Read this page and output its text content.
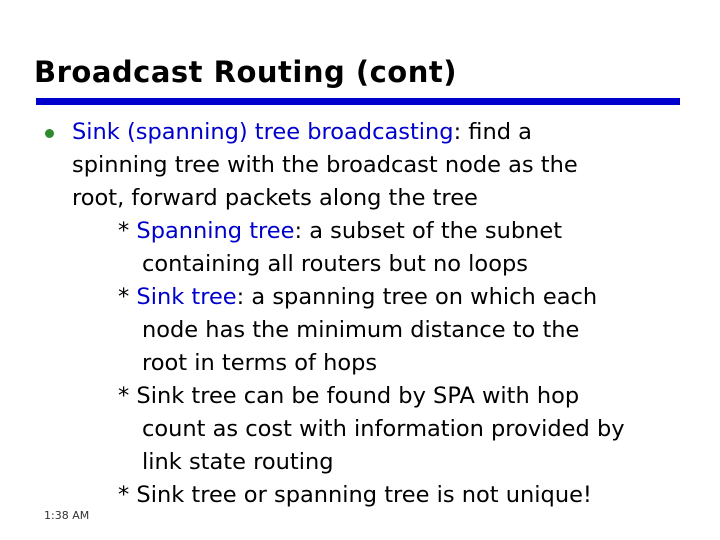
Broadcast Routing (cont)
Sink (spanning) tree broadcasting: find a
spinning tree with the broadcast node as the
root, forward packets along the tree
* Spanning tree: a subset of the subnet
containing all routers but no loops
* Sink tree: a spanning tree on which each
node has the minimum distance to the
root in terms of hops
* Sink tree can be found by SPA with hop
count as cost with information provided by
link state routing
* Sink tree or spanning tree is not unique!
1:38 AM
